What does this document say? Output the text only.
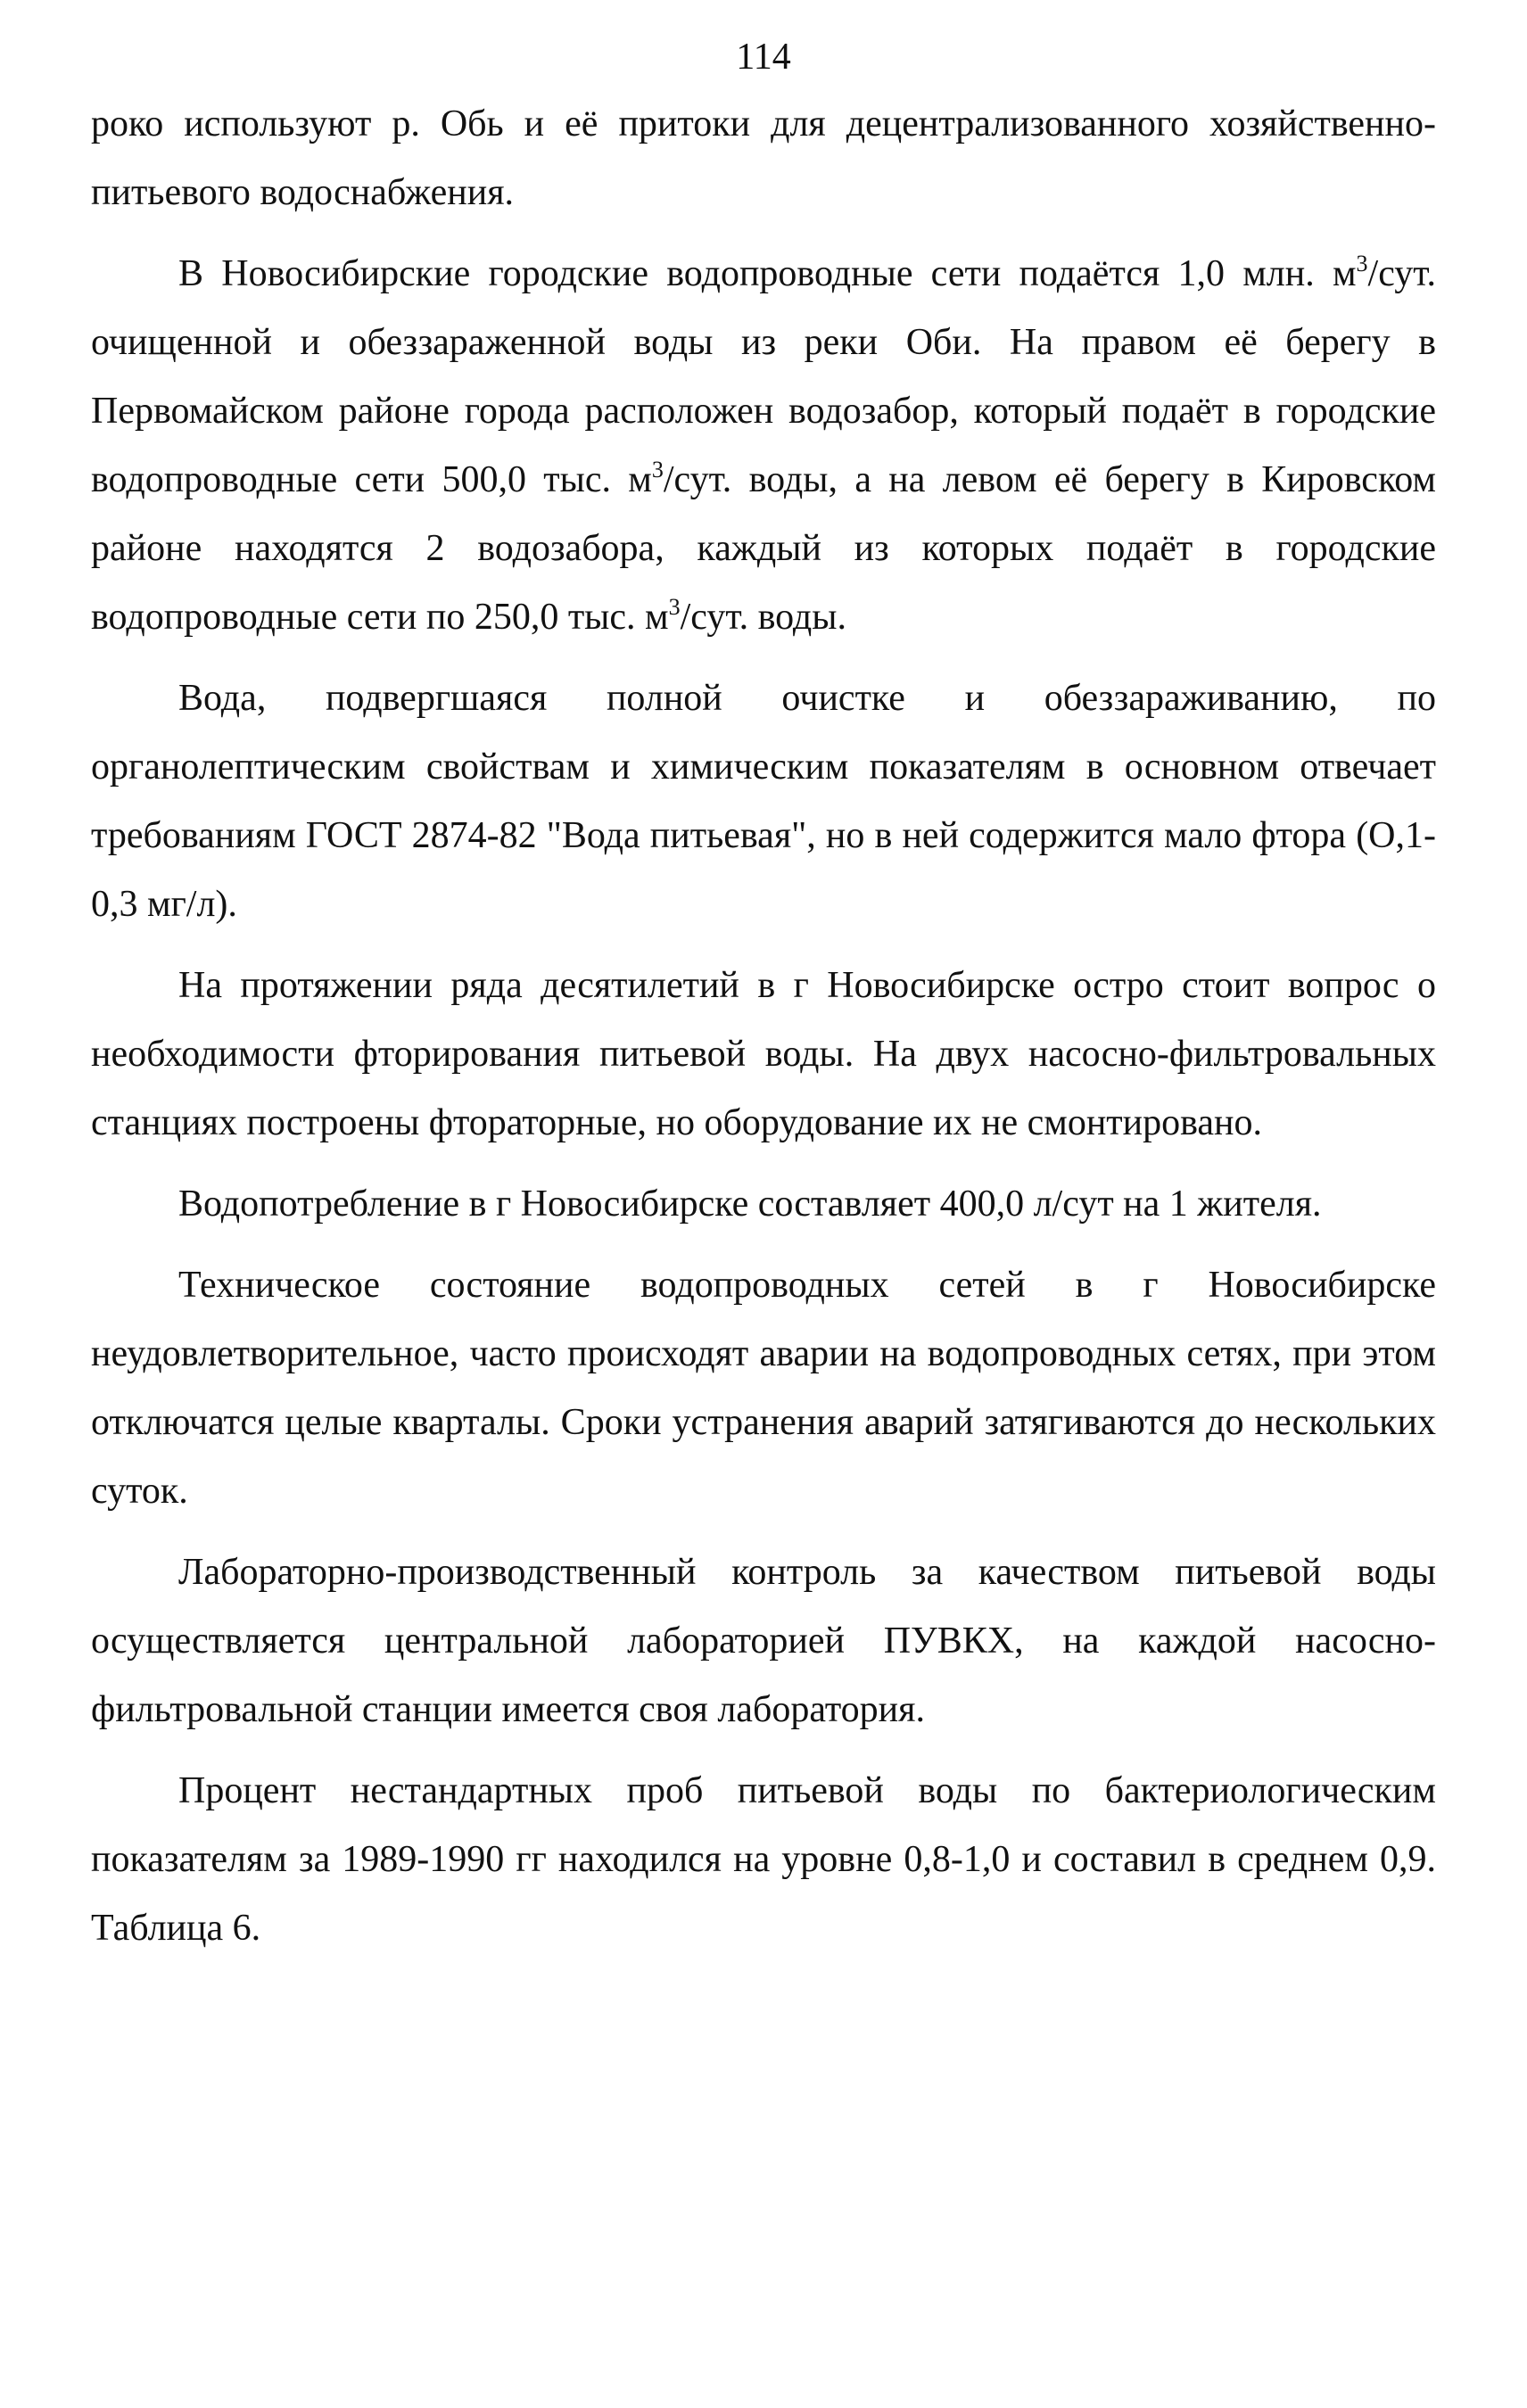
114

роко используют р. Обь и её притоки для децентрализованного хозяйственно-питьевого водоснабжения.

В Новосибирские городские водопроводные сети подаётся 1,0 млн. $м^3$/сут. очищенной и обеззараженной воды из реки Оби. На правом её берегу в Первомайском районе города расположен водозабор, который подаёт в городские водопроводные сети 500,0 тыс. $м^3$/сут. воды, а на левом её берегу в Кировском районе находятся 2 водозабора, каждый из которых подаёт в городские водопроводные сети по 250,0 тыс. $м^3$/сут. воды.

Вода, подвергшаяся полной очистке и обеззараживанию, по органолептическим свойствам и химическим показателям в основном отвечает требованиям ГОСТ 2874-82 "Вода питьевая", но в ней содержится мало фтора (О,1-0,3 мг/л).

На протяжении ряда десятилетий в г Новосибирске остро стоит вопрос о необходимости фторирования питьевой воды. На двух насосно-фильтровальных станциях построены фтораторные, но оборудование их не смонтировано.

Водопотребление в г Новосибирске составляет 400,0 л/сут на 1 жителя.

Техническое состояние водопроводных сетей в г Новосибирске неудовлетворительное, часто происходят аварии на водопроводных сетях, при этом отключатся целые кварталы. Сроки устранения аварий затягиваются до нескольких суток.

Лабораторно-производственный контроль за качеством питьевой воды осуществляется центральной лабораторией ПУВКХ, на каждой насосно-фильтровальной станции имеется своя лаборатория.

Процент нестандартных проб питьевой воды по бактериологическим показателям за 1989-1990 гг находился на уровне 0,8-1,0 и составил в среднем 0,9. Таблица 6.
